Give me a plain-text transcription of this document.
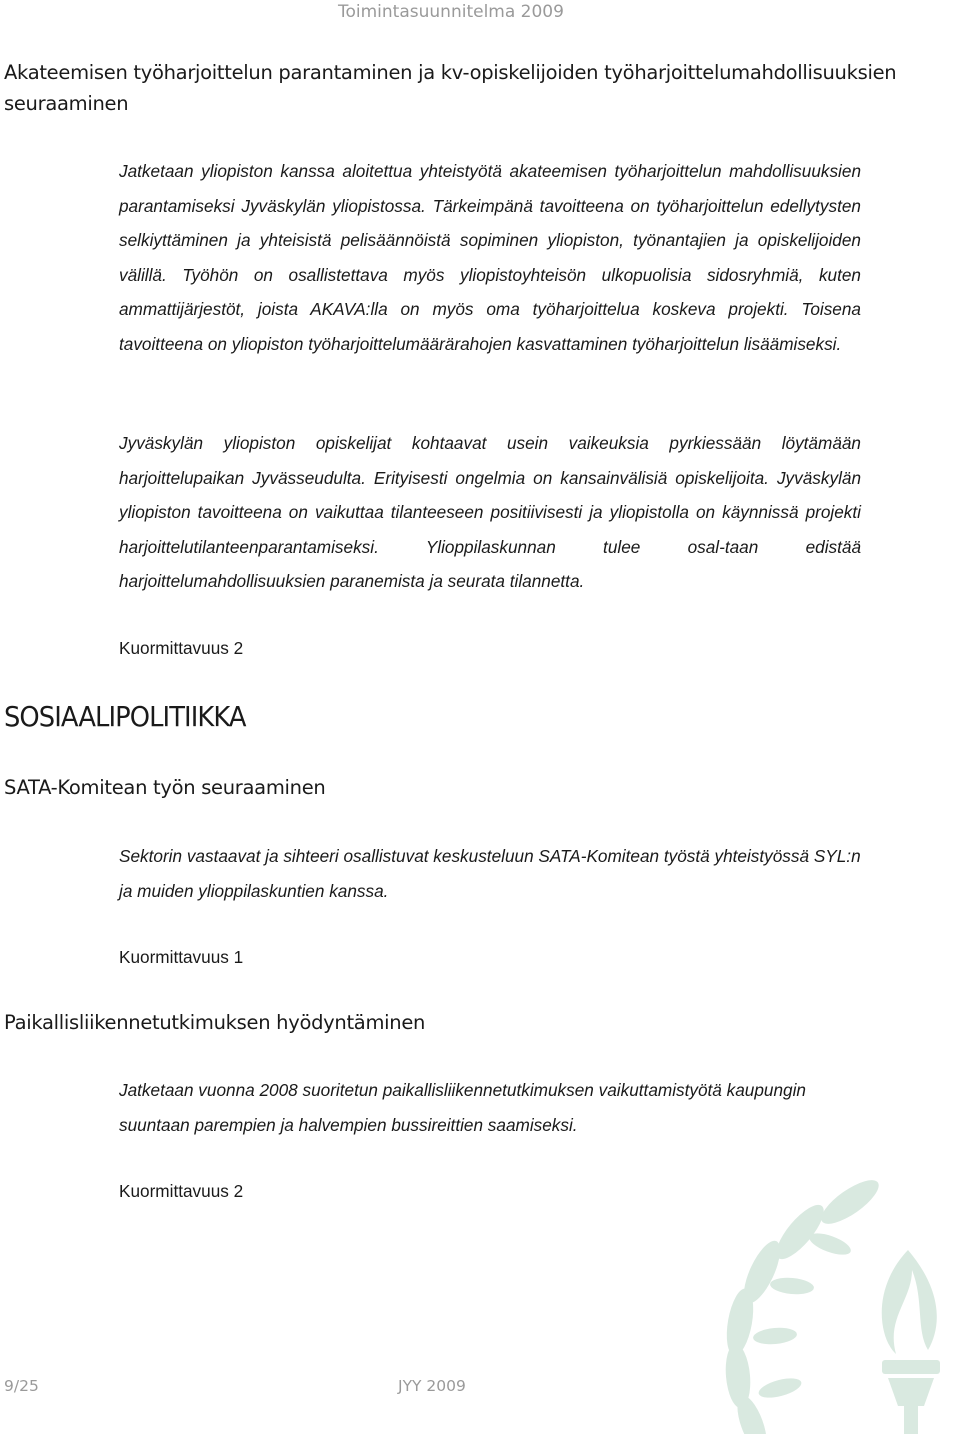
Toimintasuunnitelma 2009
Akateemisen työharjoittelun parantaminen ja kv-opiskelijoiden työharjoittelumahdollisuuksien
seuraaminen

Jatketaan yliopiston kanssa aloitettua yhteistyötä akateemisen työharjoittelun mahdollisuuksien parantamiseksi Jyväskylän yliopistossa. Tärkeimpänä tavoitteena on työharjoittelun edellytysten selkiyttäminen ja yhteisistä pelisäännöistä sopiminen yliopiston, työnantajien ja opiskelijoiden välillä. Työhön on osallistettava myös yliopistoyhteisön ulkopuolisia sidosryhmiä, kuten ammattijärjestöt, joista AKAVA:lla on myös oma työharjoittelua koskeva projekti. Toisena tavoitteena on yliopiston työharjoittelumäärärahojen kasvattaminen työharjoittelun lisäämiseksi.

Jyväskylän yliopiston opiskelijat kohtaavat usein vaikeuksia pyrkiessään löytämään harjoittelupaikan Jyvässeudulta. Erityisesti ongelmia on kansainvälisiä opiskelijoita. Jyväskylän yliopiston tavoitteena on vaikuttaa tilanteeseen positiivisesti ja yliopistolla on käynnissä projekti harjoittelutilanteenparantamiseksi. Ylioppilaskunnan tulee osal-taan edistää harjoittelumahdollisuuksien paranemista ja seurata tilannetta.

Kuormittavuus 2
SOSIAALIPOLITIIKKA
SATA-Komitean työn seuraaminen

Sektorin vastaavat ja sihteeri osallistuvat keskusteluun SATA-Komitean työstä yhteistyössä SYL:n ja muiden ylioppilaskuntien kanssa.

Kuormittavuus 1
Paikallisliikennetutkimuksen hyödyntäminen

Jatketaan vuonna 2008 suoritetun paikallisliikennetutkimuksen vaikuttamistyötä kaupungin suuntaan parempien ja halvempien bussireittien saamiseksi.

Kuormittavuus 2
9/25	JYY 2009
